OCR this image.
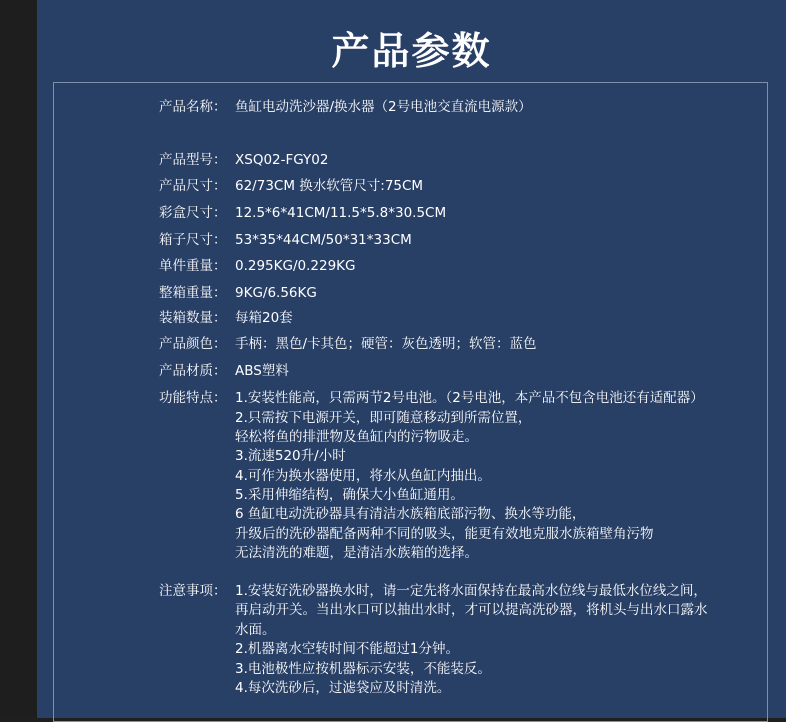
产品参数
产品名称： 鱼缸电动洗沙器/换水器（2号电池交直流电源款）
产品型号： XSQ02-FGY02
产品尺寸： 62/73CM 换水软管尺寸:75CM
彩盒尺寸： 12.5*6*41CM/11.5*5.8*30.5CM
箱子尺寸： 53*35*44CM/50*31*33CM
单件重量： 0.295KG/0.229KG
整箱重量： 9KG/6.56KG
装箱数量： 每箱20套
产品颜色： 手柄：黑色/卡其色；硬管：灰色透明；软管：蓝色
产品材质： ABS塑料
功能特点： 1.安装性能高，只需两节2号电池。（2号电池，本产品不包含电池还有适配器）
2.只需按下电源开关，即可随意移动到所需位置，
轻松将鱼的排泄物及鱼缸内的污物吸走。
3.流速520升/小时
4.可作为换水器使用，将水从鱼缸内抽出。
5.采用伸缩结构，确保大小鱼缸通用。
6 鱼缸电动洗砂器具有清洁水族箱底部污物、换水等功能，
升级后的洗砂器配备两种不同的吸头，能更有效地克服水族箱壁角污物
无法清洗的难题，是清洁水族箱的选择。
注意事项： 1.安装好洗砂器换水时，请一定先将水面保持在最高水位线与最低水位线之间，
再启动开关。当出水口可以抽出水时，才可以提高洗砂器，将机头与出水口露水
水面。
2.机器离水空转时间不能超过1分钟。
3.电池极性应按机器标示安装，不能装反。
4.每次洗砂后，过滤袋应及时清洗。
